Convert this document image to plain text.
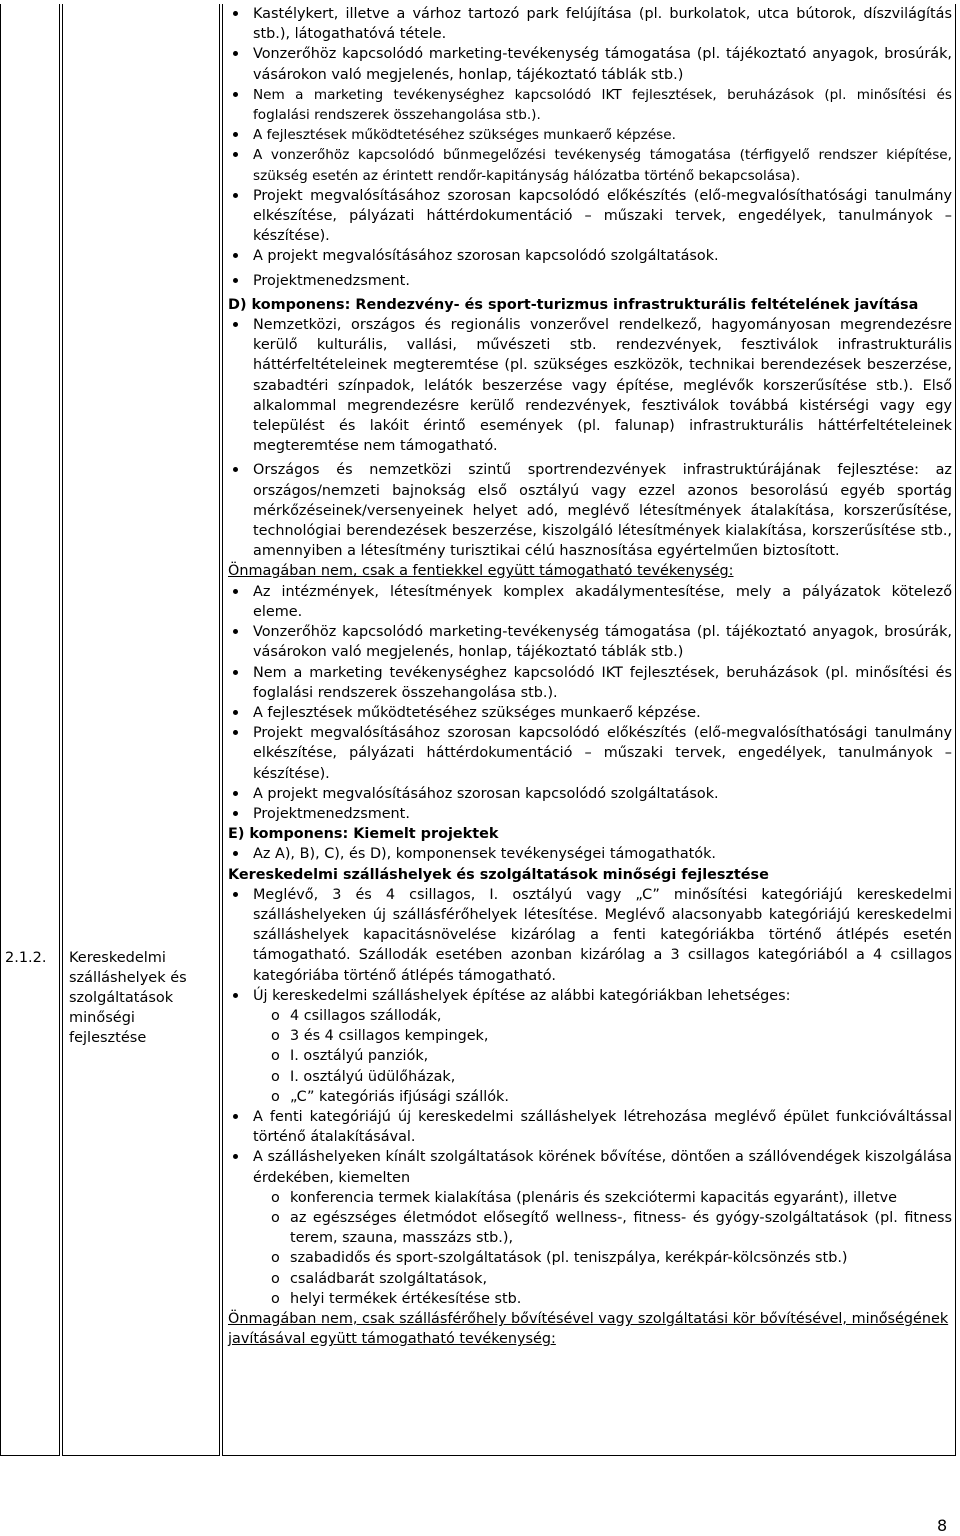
2.1.2. Kereskedelmi szálláshelyek és szolgáltatások minőségi fejlesztése
Kastélykert, illetve a várhoz tartozó park felújítása (pl. burkolatok, utca bútorok, díszvilágítás stb.), látogathatóvá tétele.
Vonzerőhöz kapcsolódó marketing-tevékenység támogatása (pl. tájékoztató anyagok, brosúrák, vásárokon való megjelenés, honlap, tájékoztató táblák stb.)
Nem a marketing tevékenységhez kapcsolódó IKT fejlesztések, beruházások (pl. minősítési és foglalási rendszerek összehangolása stb.).
A fejlesztések működtetéséhez szükséges munkaerő képzése.
A vonzerőhöz kapcsolódó bűnmegelőzési tevékenység támogatása (térfigyelő rendszer kiépítése, szükség esetén az érintett rendőr-kapitányság hálózatba történő bekapcsolása).
Projekt megvalósításához szorosan kapcsolódó előkészítés (elő-megvalósíthatósági tanulmány elkészítése, pályázati háttérdokumentáció – műszaki tervek, engedélyek, tanulmányok – készítése).
A projekt megvalósításához szorosan kapcsolódó szolgáltatások.
Projektmenedzsment.
D) komponens: Rendezvény- és sport-turizmus infrastrukturális feltételének javítása
Nemzetközi, országos és regionális vonzerővel rendelkező, hagyományosan megrendezésre kerülő kulturális, vallási, művészeti stb. rendezvények, fesztiválok infrastrukturális háttérfeltételeinek megteremtése (pl. szükséges eszközök, technikai berendezések beszerzése, szabadtéri színpadok, lelátók beszerzése vagy építése, meglévők korszerűsítése stb.). Első alkalommal megrendezésre kerülő rendezvények, fesztiválok továbbá kistérségi vagy egy települést és lakóit érintő események (pl. falunap) infrastrukturális háttérfeltételeinek megteremtése nem támogatható.
Országos és nemzetközi szintű sportrendezvények infrastruktúrájának fejlesztése: az országos/nemzeti bajnokság első osztályú vagy ezzel azonos besorolású egyéb sportág mérkőzéseinek/versenyeinek helyet adó, meglévő létesítmények átalakítása, korszerűsítése, technológiai berendezések beszerzése, kiszolgáló létesítmények kialakítása, korszerűsítése stb., amennyiben a létesítmény turisztikai célú hasznosítása egyértelműen biztosított.
Önmagában nem, csak a fentiekkel együtt támogatható tevékenység:
Az intézmények, létesítmények komplex akadálymentesítése, mely a pályázatok kötelező eleme.
Vonzerőhöz kapcsolódó marketing-tevékenység támogatása (pl. tájékoztató anyagok, brosúrák, vásárokon való megjelenés, honlap, tájékoztató táblák stb.)
Nem a marketing tevékenységhez kapcsolódó IKT fejlesztések, beruházások (pl. minősítési és foglalási rendszerek összehangolása stb.).
A fejlesztések működtetéséhez szükséges munkaerő képzése.
Projekt megvalósításához szorosan kapcsolódó előkészítés (elő-megvalósíthatósági tanulmány elkészítése, pályázati háttérdokumentáció – műszaki tervek, engedélyek, tanulmányok – készítése).
A projekt megvalósításához szorosan kapcsolódó szolgáltatások.
Projektmenedzsment.
E) komponens: Kiemelt projektek
Az A), B), C), és D), komponensek tevékenységei támogathatók.
Kereskedelmi szálláshelyek és szolgáltatások minőségi fejlesztése
Meglévő, 3 és 4 csillagos, I. osztályú vagy „C” minősítési kategóriájú kereskedelmi szálláshelyeken új szállásférőhelyek létesítése. Meglévő alacsonyabb kategóriájú kereskedelmi szálláshelyek kapacitásnövelése kizárólag a fenti kategóriákba történő átlépés esetén támogatható. Szállodák esetében azonban kizárólag a 3 csillagos kategóriából a 4 csillagos kategóriába történő átlépés támogatható.
Új kereskedelmi szálláshelyek építése az alábbi kategóriákban lehetséges:
o 4 csillagos szállodák,
o 3 és 4 csillagos kempingek,
o I. osztályú panziók,
o I. osztályú üdülőházak,
o „C” kategóriás ifjúsági szállók.
A fenti kategóriájú új kereskedelmi szálláshelyek létrehozása meglévő épület funkcióváltással történő átalakításával.
A szálláshelyeken kínált szolgáltatások körének bővítése, döntően a szállóvendégek kiszolgálása érdekében, kiemelten
o konferencia termek kialakítása (plenáris és szekciótermi kapacitás egyaránt), illetve
o az egészséges életmódot elősegítő wellness-, fitness- és gyógy-szolgáltatások (pl. fitness terem, szauna, masszázs stb.),
o szabadidős és sport-szolgáltatások (pl. teniszpálya, kerékpár-kölcsönzés stb.)
o családbarát szolgáltatások,
o helyi termékek értékesítése stb.
Önmagában nem, csak szállásférőhely bővítésével vagy szolgáltatási kör bővítésével, minőségének javításával együtt támogatható tevékenység:
8
